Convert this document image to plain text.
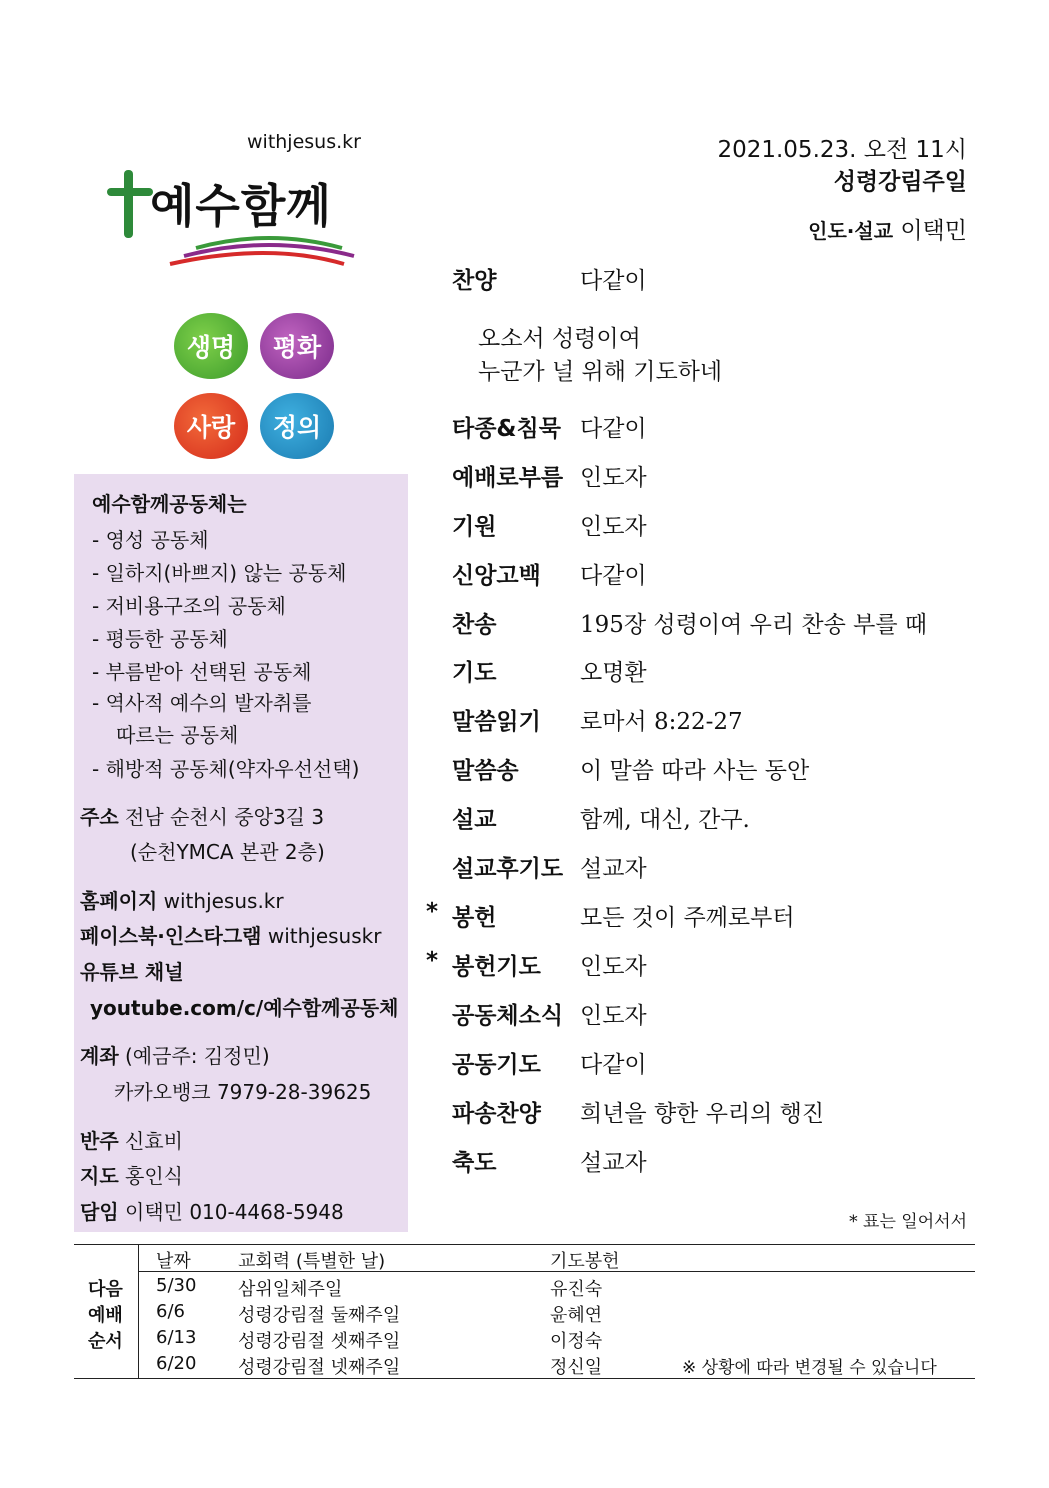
withjesus.kr
예수함께
생명	평화
사랑	정의
예수함께공동체는
- 영성 공동체
- 일하지(바쁘지) 않는 공동체
- 저비용구조의 공동체
- 평등한 공동체
- 부름받아 선택된 공동체
- 역사적 예수의 발자취를
따르는 공동체
- 해방적 공동체(약자우선선택)
주소 전남 순천시 중앙3길 3
(순천YMCA 본관 2층)
홈페이지 withjesus.kr
페이스북·인스타그램 withjesuskr
유튜브 채널
youtube.com/c/예수함께공동체
계좌 (예금주: 김정민)
카카오뱅크 7979-28-39625
반주 신효비
지도 홍인식
담임 이택민 010-4468-5948
2021.05.23. 오전 11시
성령강림주일
인도·설교 이택민
찬양	다같이
타종&침묵 다같이
예배로부름 인도자
기원	인도자
신앙고백 다같이
찬송	195장 성령이여 우리 찬송 부를 때
기도	오명환
말씀읽기 로마서 8:22-27
말씀송	이 말씀 따라 사는 동안
설교	함께, 대신, 간구.
설교후기도 설교자
* 봉헌	모든 것이 주께로부터
* 봉헌기도 인도자
공동체소식 인도자
공동기도 다같이
파송찬양 희년을 향한 우리의 행진
축도	설교자
오소서 성령이여
누군가 널 위해 기도하네
* 표는 일어서서
다음
예배
순서
날짜	교회력 (특별한 날)	기도봉헌
5/30 삼위일체주일	유진숙
6/6	성령강림절 둘째주일	윤혜연
6/13 성령강림절 셋째주일	이정숙
6/20 성령강림절 넷째주일	정신일	※ 상황에 따라 변경될 수 있습니다
